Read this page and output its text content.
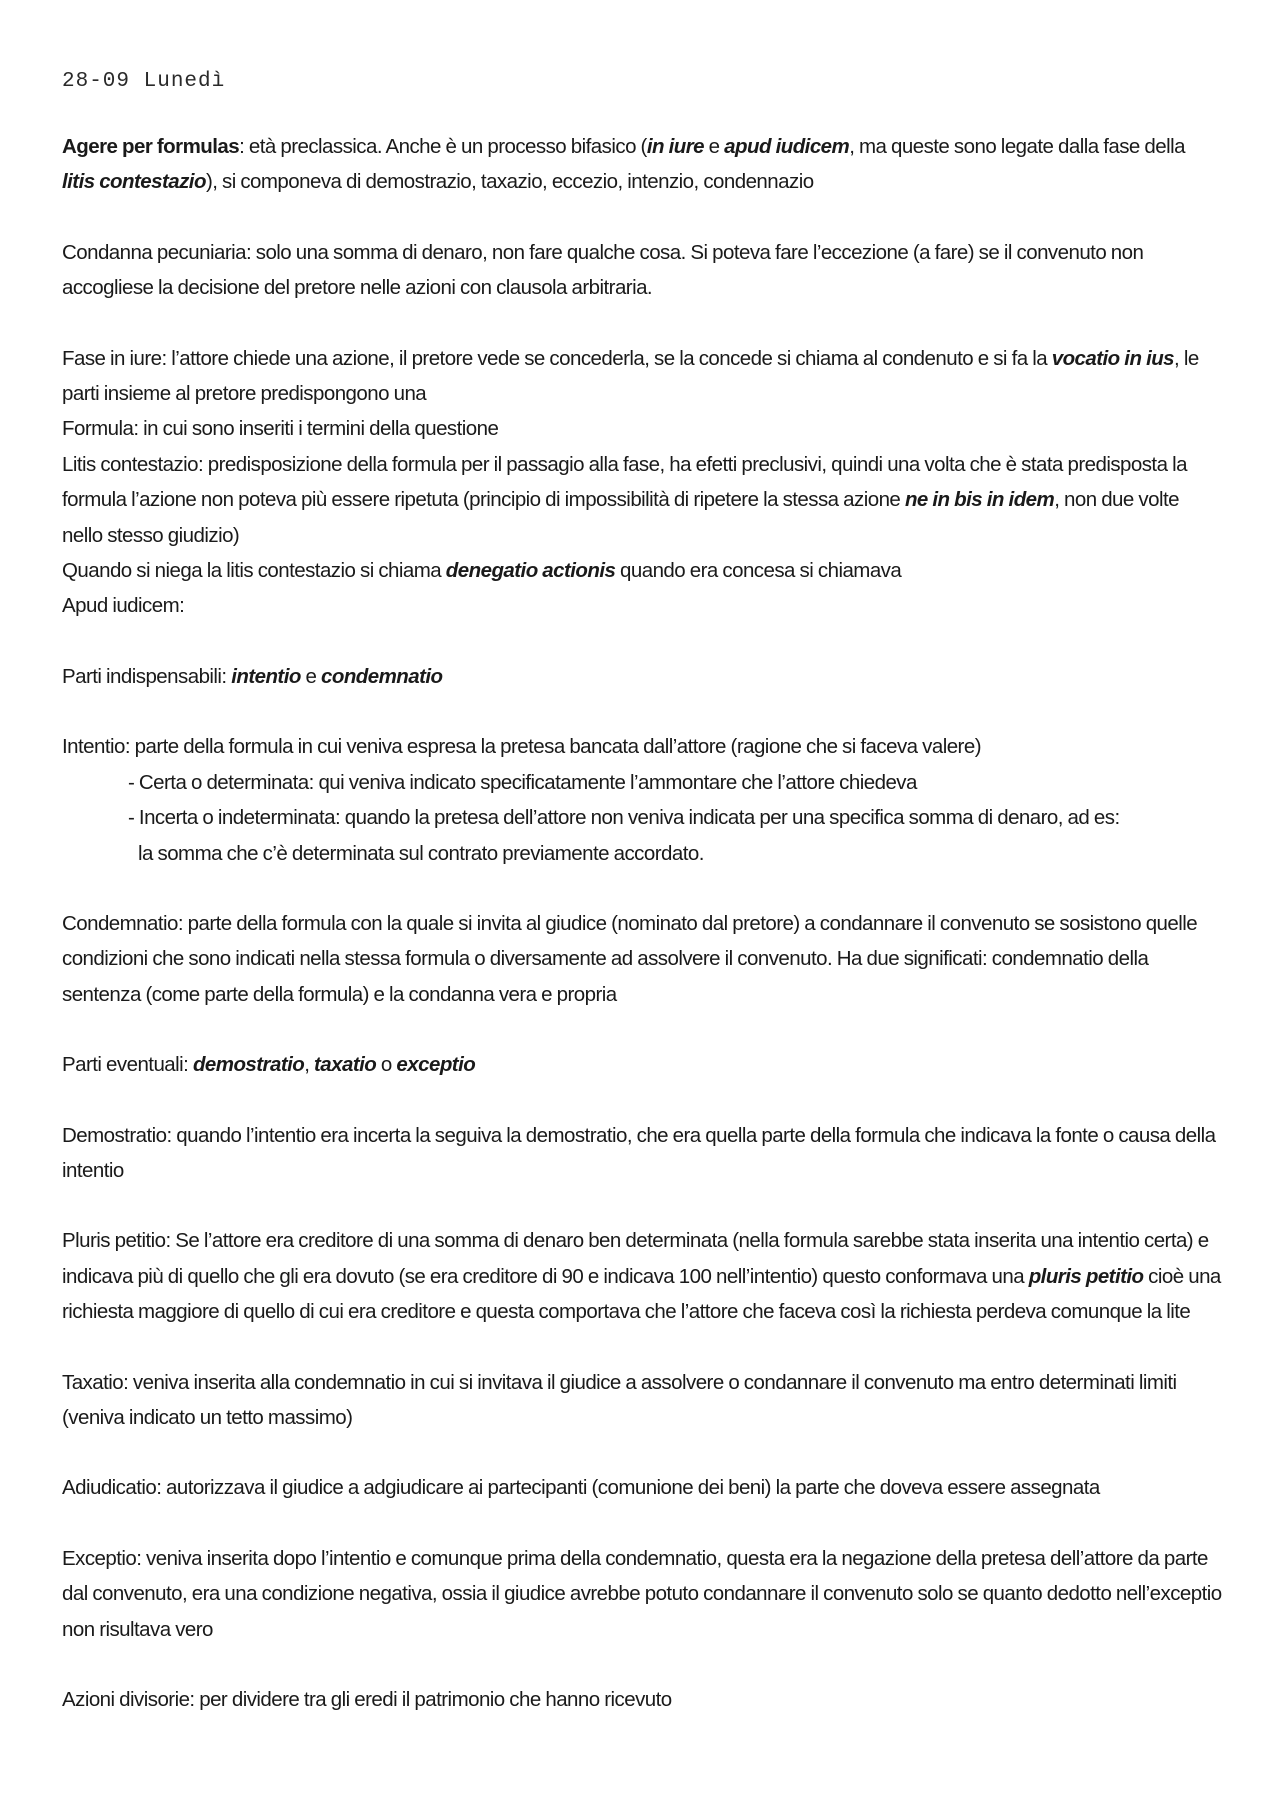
28-09 Lunedì
Agere per formulas: età preclassica. Anche è un processo bifasico (in iure e apud iudicem, ma queste sono legate dalla fase della litis contestazio), si componeva di demostrazio, taxazio, eccezio, intenzio, condennazio
Condanna pecuniaria: solo una somma di denaro, non fare qualche cosa. Si poteva fare l’eccezione (a fare) se il convenuto non accogliese la decisione del pretore nelle azioni con clausola arbitraria.
Fase in iure: l’attore chiede una azione, il pretore vede se concederla, se la concede si chiama al condenuto e si fa la vocatio in ius, le parti insieme al pretore predispongono una
Formula: in cui sono inseriti i termini della questione
Litis contestazio: predisposizione della formula per il passagio alla fase, ha efetti preclusivi, quindi una volta che è stata predisposta la formula l’azione non poteva più essere ripetuta (principio di impossibilità di ripetere la stessa azione ne in bis in idem, non due volte nello stesso giudizio)
Quando si niega la litis contestazio si chiama denegatio actionis quando era concesa si chiamava
Apud iudicem:
Parti indispensabili: intentio e condemnatio
Intentio: parte della formula in cui veniva espresa la pretesa bancata dall’attore (ragione che si faceva valere)
- Certa o determinata: qui veniva indicato specificatamente l’ammontare che l’attore chiedeva
- Incerta o indeterminata: quando la pretesa dell’attore non veniva indicata per una specifica somma di denaro, ad es:
la somma che c’è determinata sul contrato previamente accordato.
Condemnatio: parte della formula con la quale si invita al giudice (nominato dal pretore) a condannare il convenuto se sosistono quelle condizioni che sono indicati nella stessa formula o diversamente ad assolvere il convenuto. Ha due significati: condemnatio della sentenza (come parte della formula) e la condanna vera e propria
Parti eventuali: demostratio, taxatio o exceptio
Demostratio: quando l’intentio era incerta la seguiva la demostratio, che era quella parte della formula che indicava la fonte o causa della intentio
Pluris petitio: Se l’attore era creditore di una somma di denaro ben determinata (nella formula sarebbe stata inserita una intentio certa) e indicava più di quello che gli era dovuto (se era creditore di 90 e indicava 100 nell’intentio) questo conformava una pluris petitio cioè una richiesta maggiore di quello di cui era creditore e questa comportava che l’attore che faceva così la richiesta perdeva comunque la lite
Taxatio: veniva inserita alla condemnatio in cui si invitava il giudice a assolvere o condannare il convenuto ma entro determinati limiti (veniva indicato un tetto massimo)
Adiudicatio: autorizzava il giudice a adgiudicare ai partecipanti (comunione dei beni) la parte che doveva essere assegnata
Exceptio: veniva inserita dopo l’intentio e comunque prima della condemnatio, questa era la negazione della pretesa dell’attore da parte dal convenuto, era una condizione negativa, ossia il giudice avrebbe potuto condannare il convenuto solo se quanto dedotto nell’exceptio non risultava vero
Azioni divisorie: per dividere tra gli eredi il patrimonio che hanno ricevuto
